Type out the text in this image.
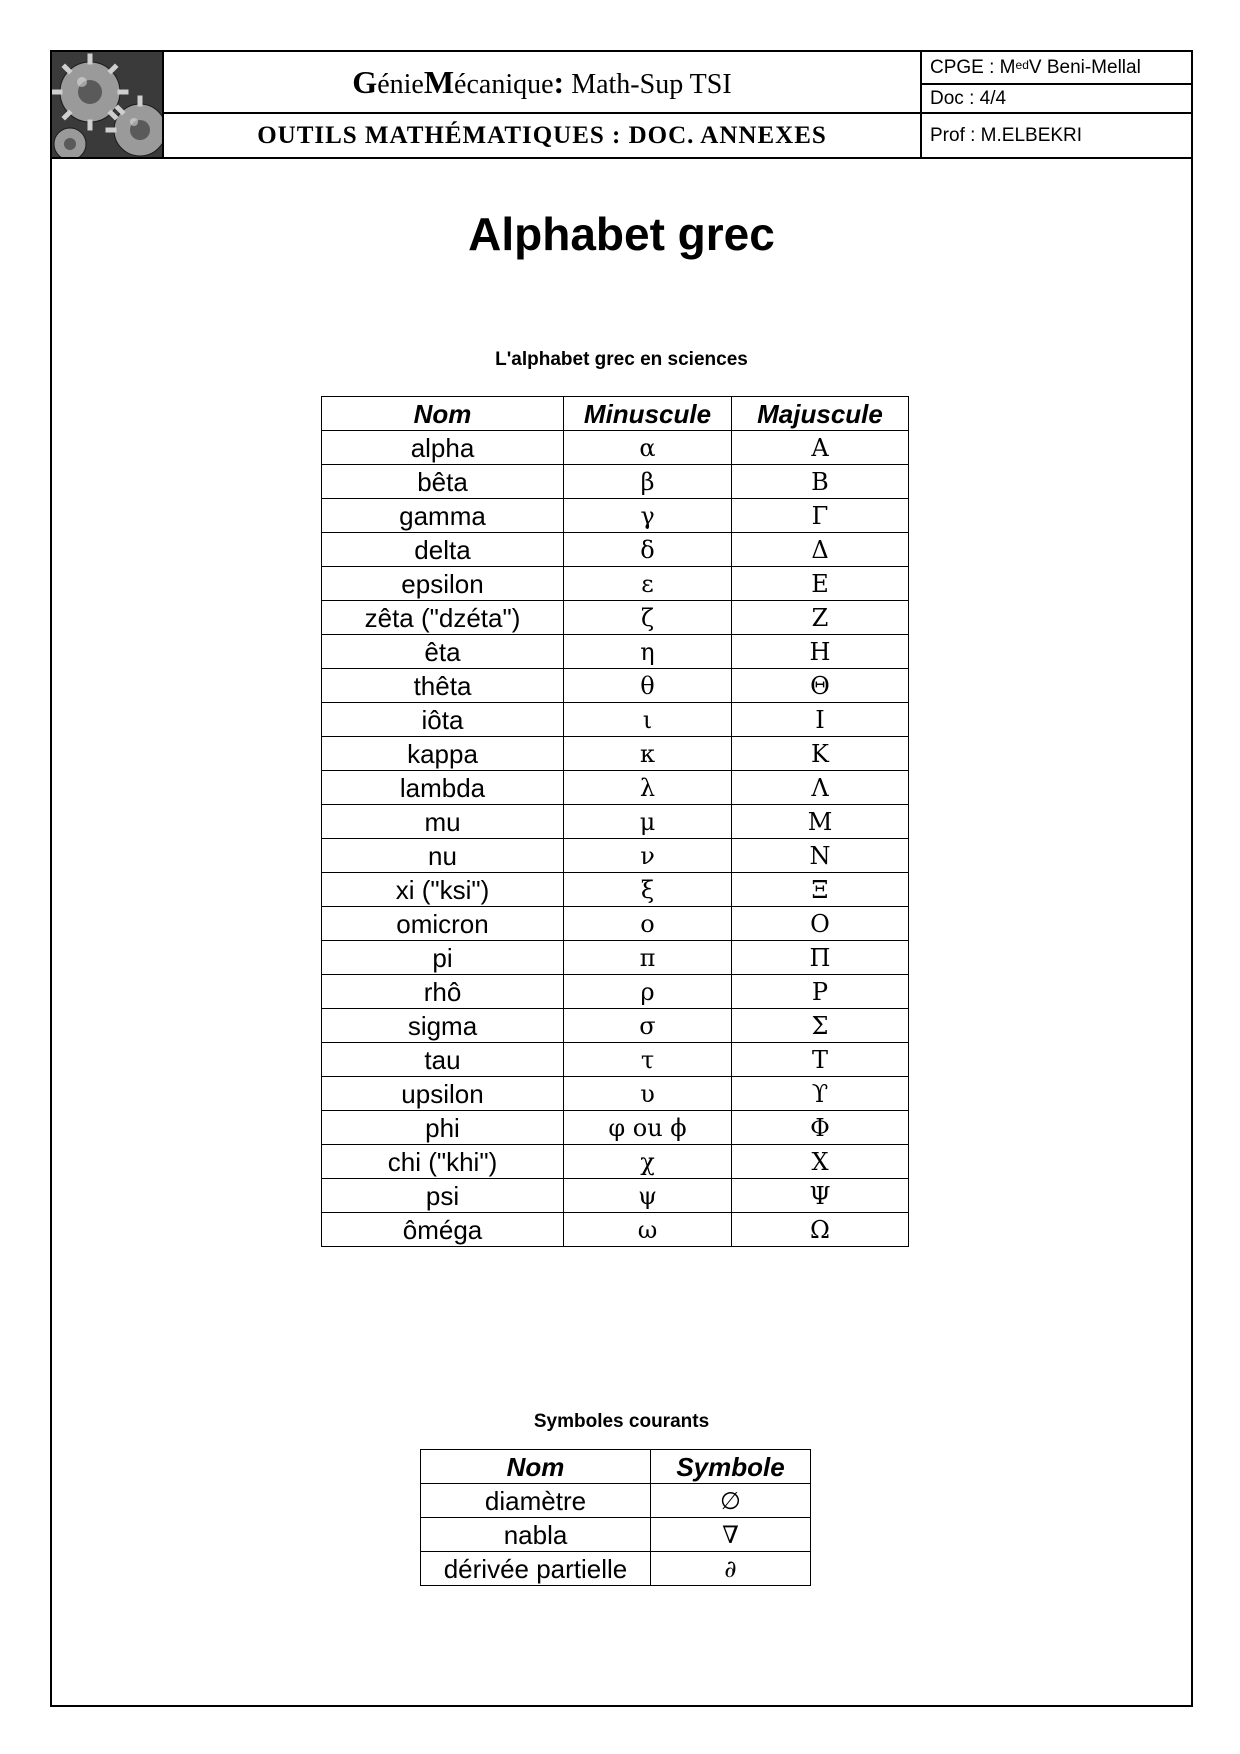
Génie Mécanique : Math-Sup TSI
OUTILS MATHÉMATIQUES : DOC. ANNEXES
CPGE : $M^{ed}$ V Beni-Mellal
Doc : 4/4
Prof : M.ELBEKRI
Alphabet grec
L'alphabet grec en sciences
Nom	Minuscule	Majuscule
alpha	α	A
bêta	β	B
gamma	γ	Γ
delta	δ	Δ
epsilon	ε	E
zêta ("dzéta")	ζ	Z
êta	η	H
thêta	θ	Θ
iôta	ι	I
kappa	κ	K
lambda	λ	Λ
mu	μ	M
nu	ν	N
xi ("ksi")	ξ	Ξ
omicron	ο	O
pi	π	Π
rhô	ρ	P
sigma	σ	Σ
tau	τ	T
upsilon	υ	ϒ
phi	φ ou ϕ	Φ
chi ("khi")	χ	X
psi	ψ	Ψ
ôméga	ω	Ω
Symboles courants
Nom	Symbole
diamètre	∅
nabla	∇
dérivée partielle	∂
